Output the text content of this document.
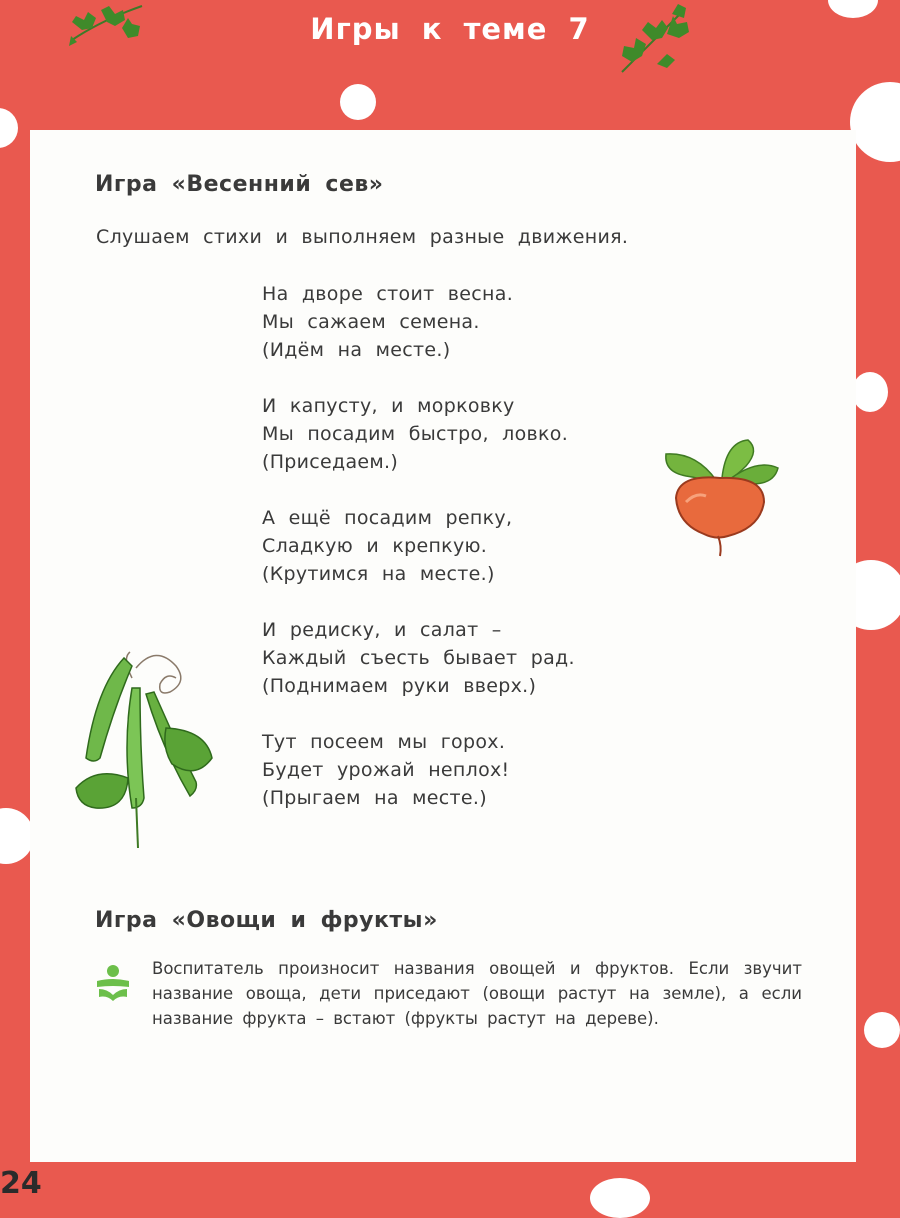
Игры к теме 7
Игра «Весенний сев»
Слушаем стихи и выполняем разные движения.
На дворе стоит весна.
Мы сажаем семена.
(Идём на месте.)
И капусту, и морковку
Мы посадим быстро, ловко.
(Приседаем.)
А ещё посадим репку,
Сладкую и крепкую.
(Крутимся на месте.)
И редиску, и салат –
Каждый съесть бывает рад.
(Поднимаем руки вверх.)
Тут посеем мы горох.
Будет урожай неплох!
(Прыгаем на месте.)
Игра «Овощи и фрукты»
Воспитатель произносит названия овощей и фруктов. Если звучит название овоща, дети приседают (овощи растут на земле), а если название фрукта – встают (фрукты растут на дереве).
24
